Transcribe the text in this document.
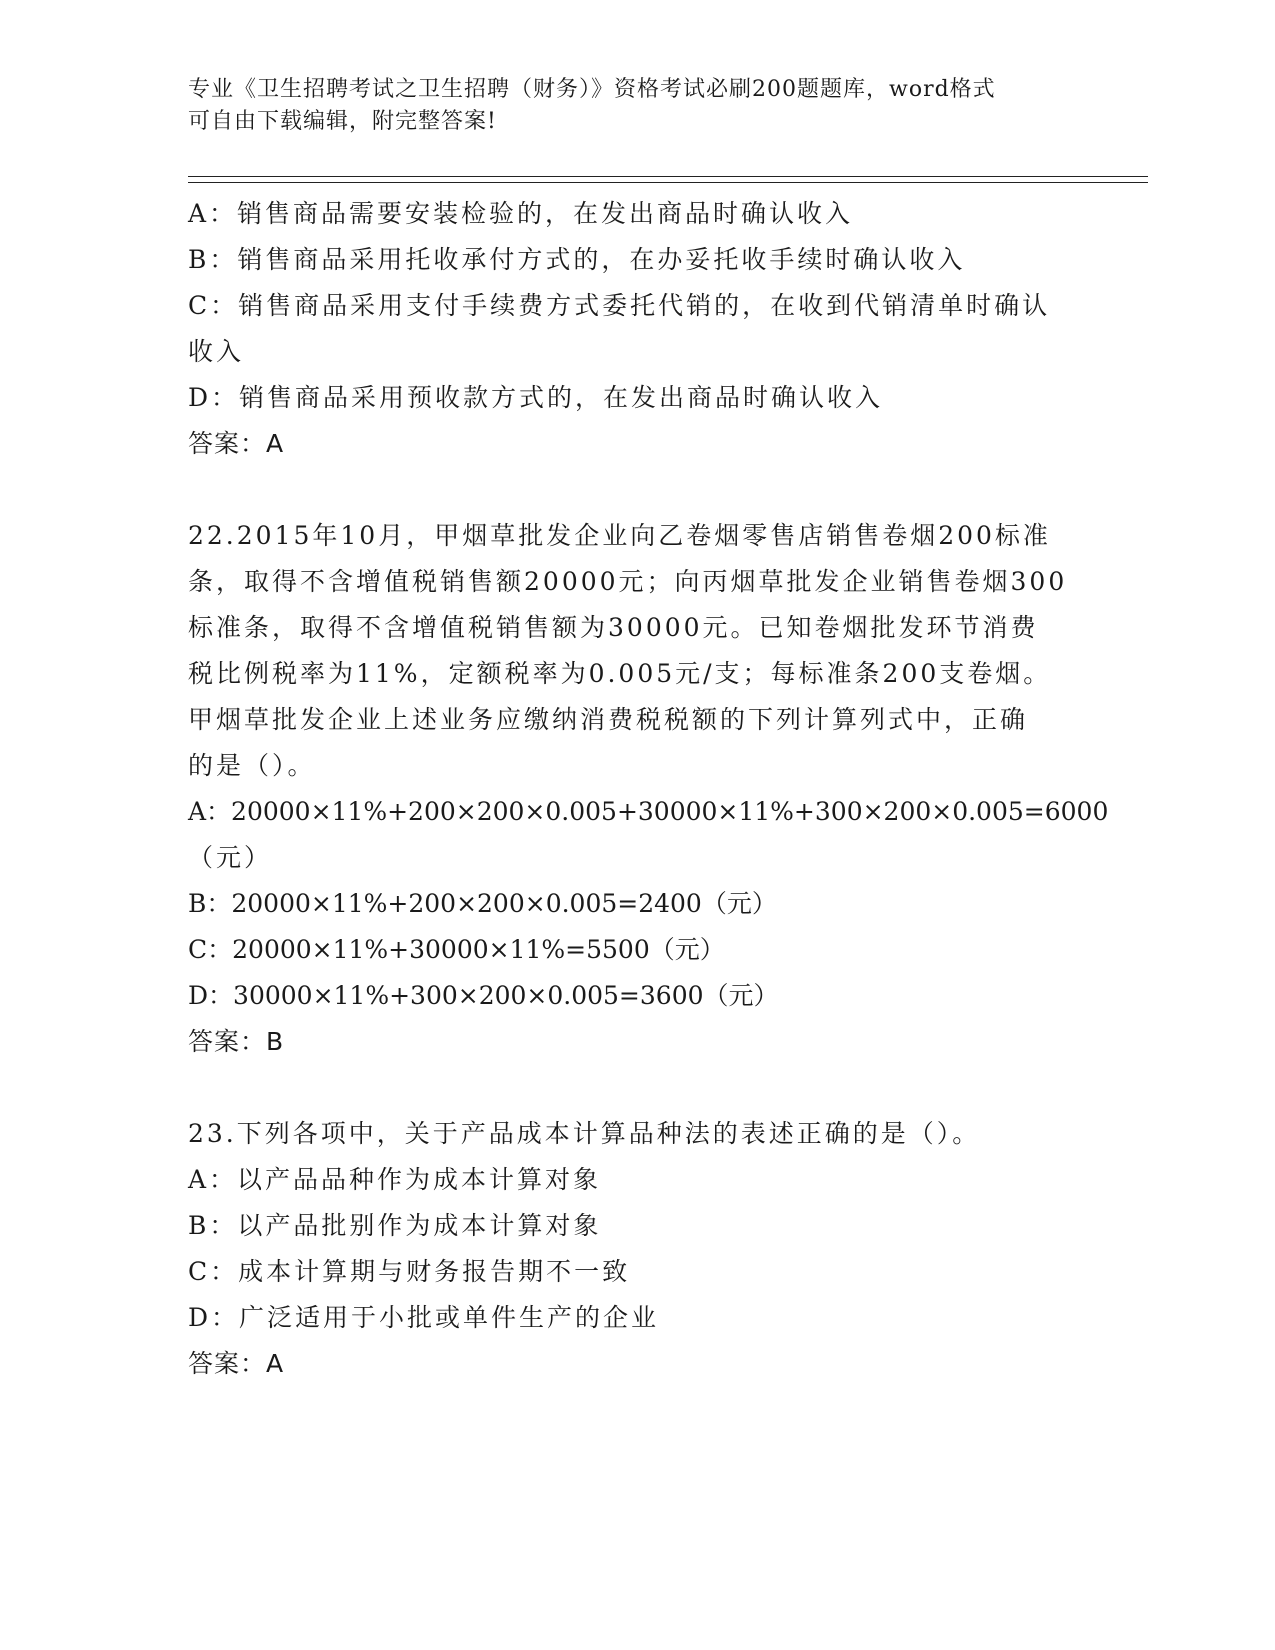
专业《卫生招聘考试之卫生招聘（财务）》资格考试必刷200题题库，word格式
可自由下载编辑，附完整答案!
A：销售商品需要安装检验的，在发出商品时确认收入
B：销售商品采用托收承付方式的，在办妥托收手续时确认收入
C：销售商品采用支付手续费方式委托代销的，在收到代销清单时确认
收入
D：销售商品采用预收款方式的，在发出商品时确认收入
答案：A
22.2015年10月，甲烟草批发企业向乙卷烟零售店销售卷烟200标准
条，取得不含增值税销售额20000元；向丙烟草批发企业销售卷烟300
标准条，取得不含增值税销售额为30000元。已知卷烟批发环节消费
税比例税率为11%，定额税率为0.005元/支；每标准条200支卷烟。
甲烟草批发企业上述业务应缴纳消费税税额的下列计算列式中，正确
的是（）。
A：20000×11%+200×200×0.005+30000×11%+300×200×0.005=6000
（元）
B：20000×11%+200×200×0.005=2400（元）
C：20000×11%+30000×11%=5500（元）
D：30000×11%+300×200×0.005=3600（元）
答案：B
23.下列各项中，关于产品成本计算品种法的表述正确的是（）。
A：以产品品种作为成本计算对象
B：以产品批别作为成本计算对象
C：成本计算期与财务报告期不一致
D：广泛适用于小批或单件生产的企业
答案：A
